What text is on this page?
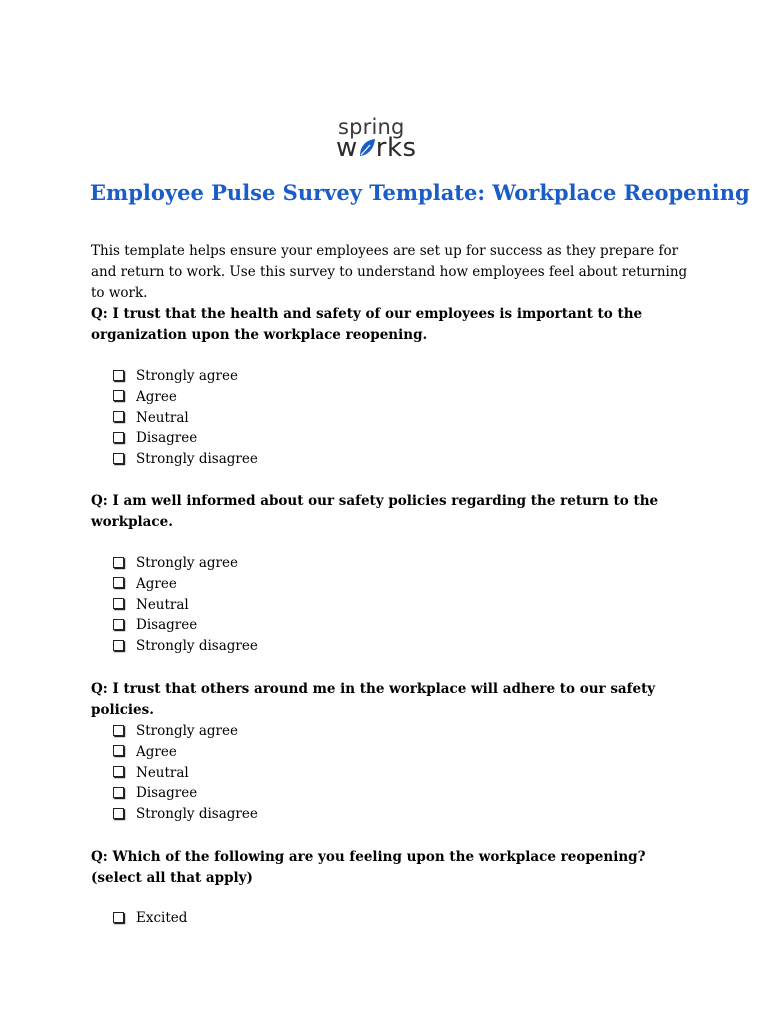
spring
w rks
Employee Pulse Survey Template: Workplace Reopening
This template helps ensure your employees are set up for success as they prepare for and return to work. Use this survey to understand how employees feel about returning to work.
Q: I trust that the health and safety of our employees is important to the organization upon the workplace reopening.
Strongly agree
Agree
Neutral
Disagree
Strongly disagree
Q: I am well informed about our safety policies regarding the return to the workplace.
Strongly agree
Agree
Neutral
Disagree
Strongly disagree
Q: I trust that others around me in the workplace will adhere to our safety policies.
Strongly agree
Agree
Neutral
Disagree
Strongly disagree
Q: Which of the following are you feeling upon the workplace reopening? (select all that apply)
Excited
